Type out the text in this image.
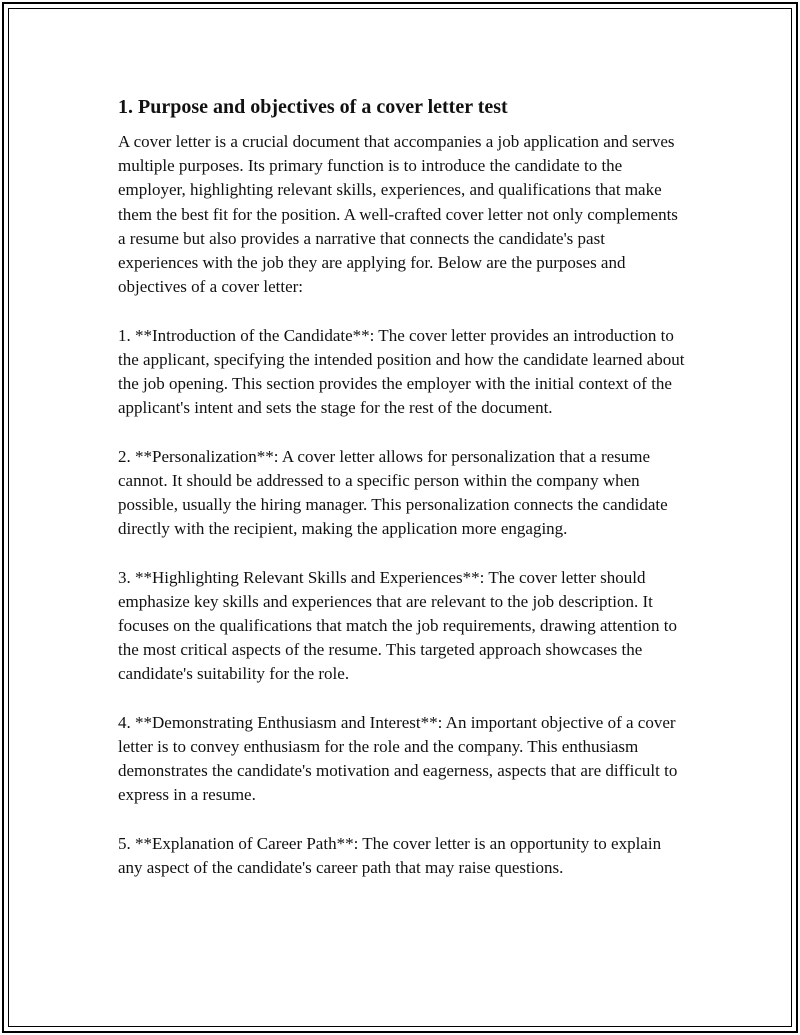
1. Purpose and objectives of a cover letter test

A cover letter is a crucial document that accompanies a job application and serves multiple purposes. Its primary function is to introduce the candidate to the employer, highlighting relevant skills, experiences, and qualifications that make them the best fit for the position. A well-crafted cover letter not only complements a resume but also provides a narrative that connects the candidate's past experiences with the job they are applying for. Below are the purposes and objectives of a cover letter:

1. **Introduction of the Candidate**: The cover letter provides an introduction to the applicant, specifying the intended position and how the candidate learned about the job opening. This section provides the employer with the initial context of the applicant's intent and sets the stage for the rest of the document.

2. **Personalization**: A cover letter allows for personalization that a resume cannot. It should be addressed to a specific person within the company when possible, usually the hiring manager. This personalization connects the candidate directly with the recipient, making the application more engaging.

3. **Highlighting Relevant Skills and Experiences**: The cover letter should emphasize key skills and experiences that are relevant to the job description. It focuses on the qualifications that match the job requirements, drawing attention to the most critical aspects of the resume. This targeted approach showcases the candidate's suitability for the role.

4. **Demonstrating Enthusiasm and Interest**: An important objective of a cover letter is to convey enthusiasm for the role and the company. This enthusiasm demonstrates the candidate's motivation and eagerness, aspects that are difficult to express in a resume.

5. **Explanation of Career Path**: The cover letter is an opportunity to explain any aspect of the candidate's career path that may raise questions.
